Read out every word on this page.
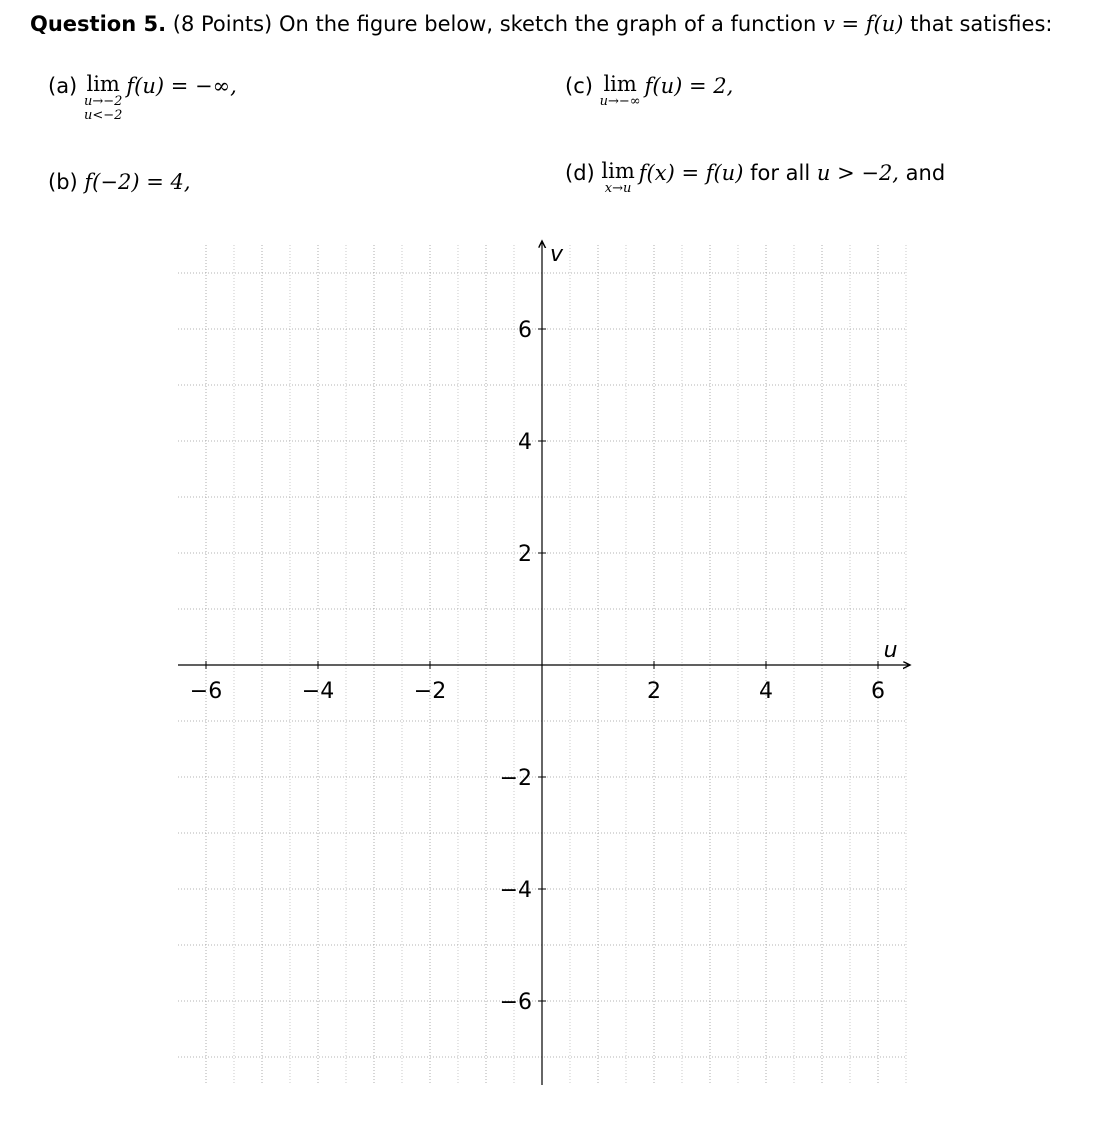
Question 5. (8 Points) On the figure below, sketch the graph of a function v = f(u) that satisfies:
(a) lim
u→−2
u<−2
f(u) = −∞,	(c) lim
u→−∞
f(u) = 2,
(b) f(−2) = 4,	(d) lim
x→u
f(x) = f(u) for all u > −2, and
u
v
−6	−4	−2	2	4	6
6
4
2
−2
−4
−6
